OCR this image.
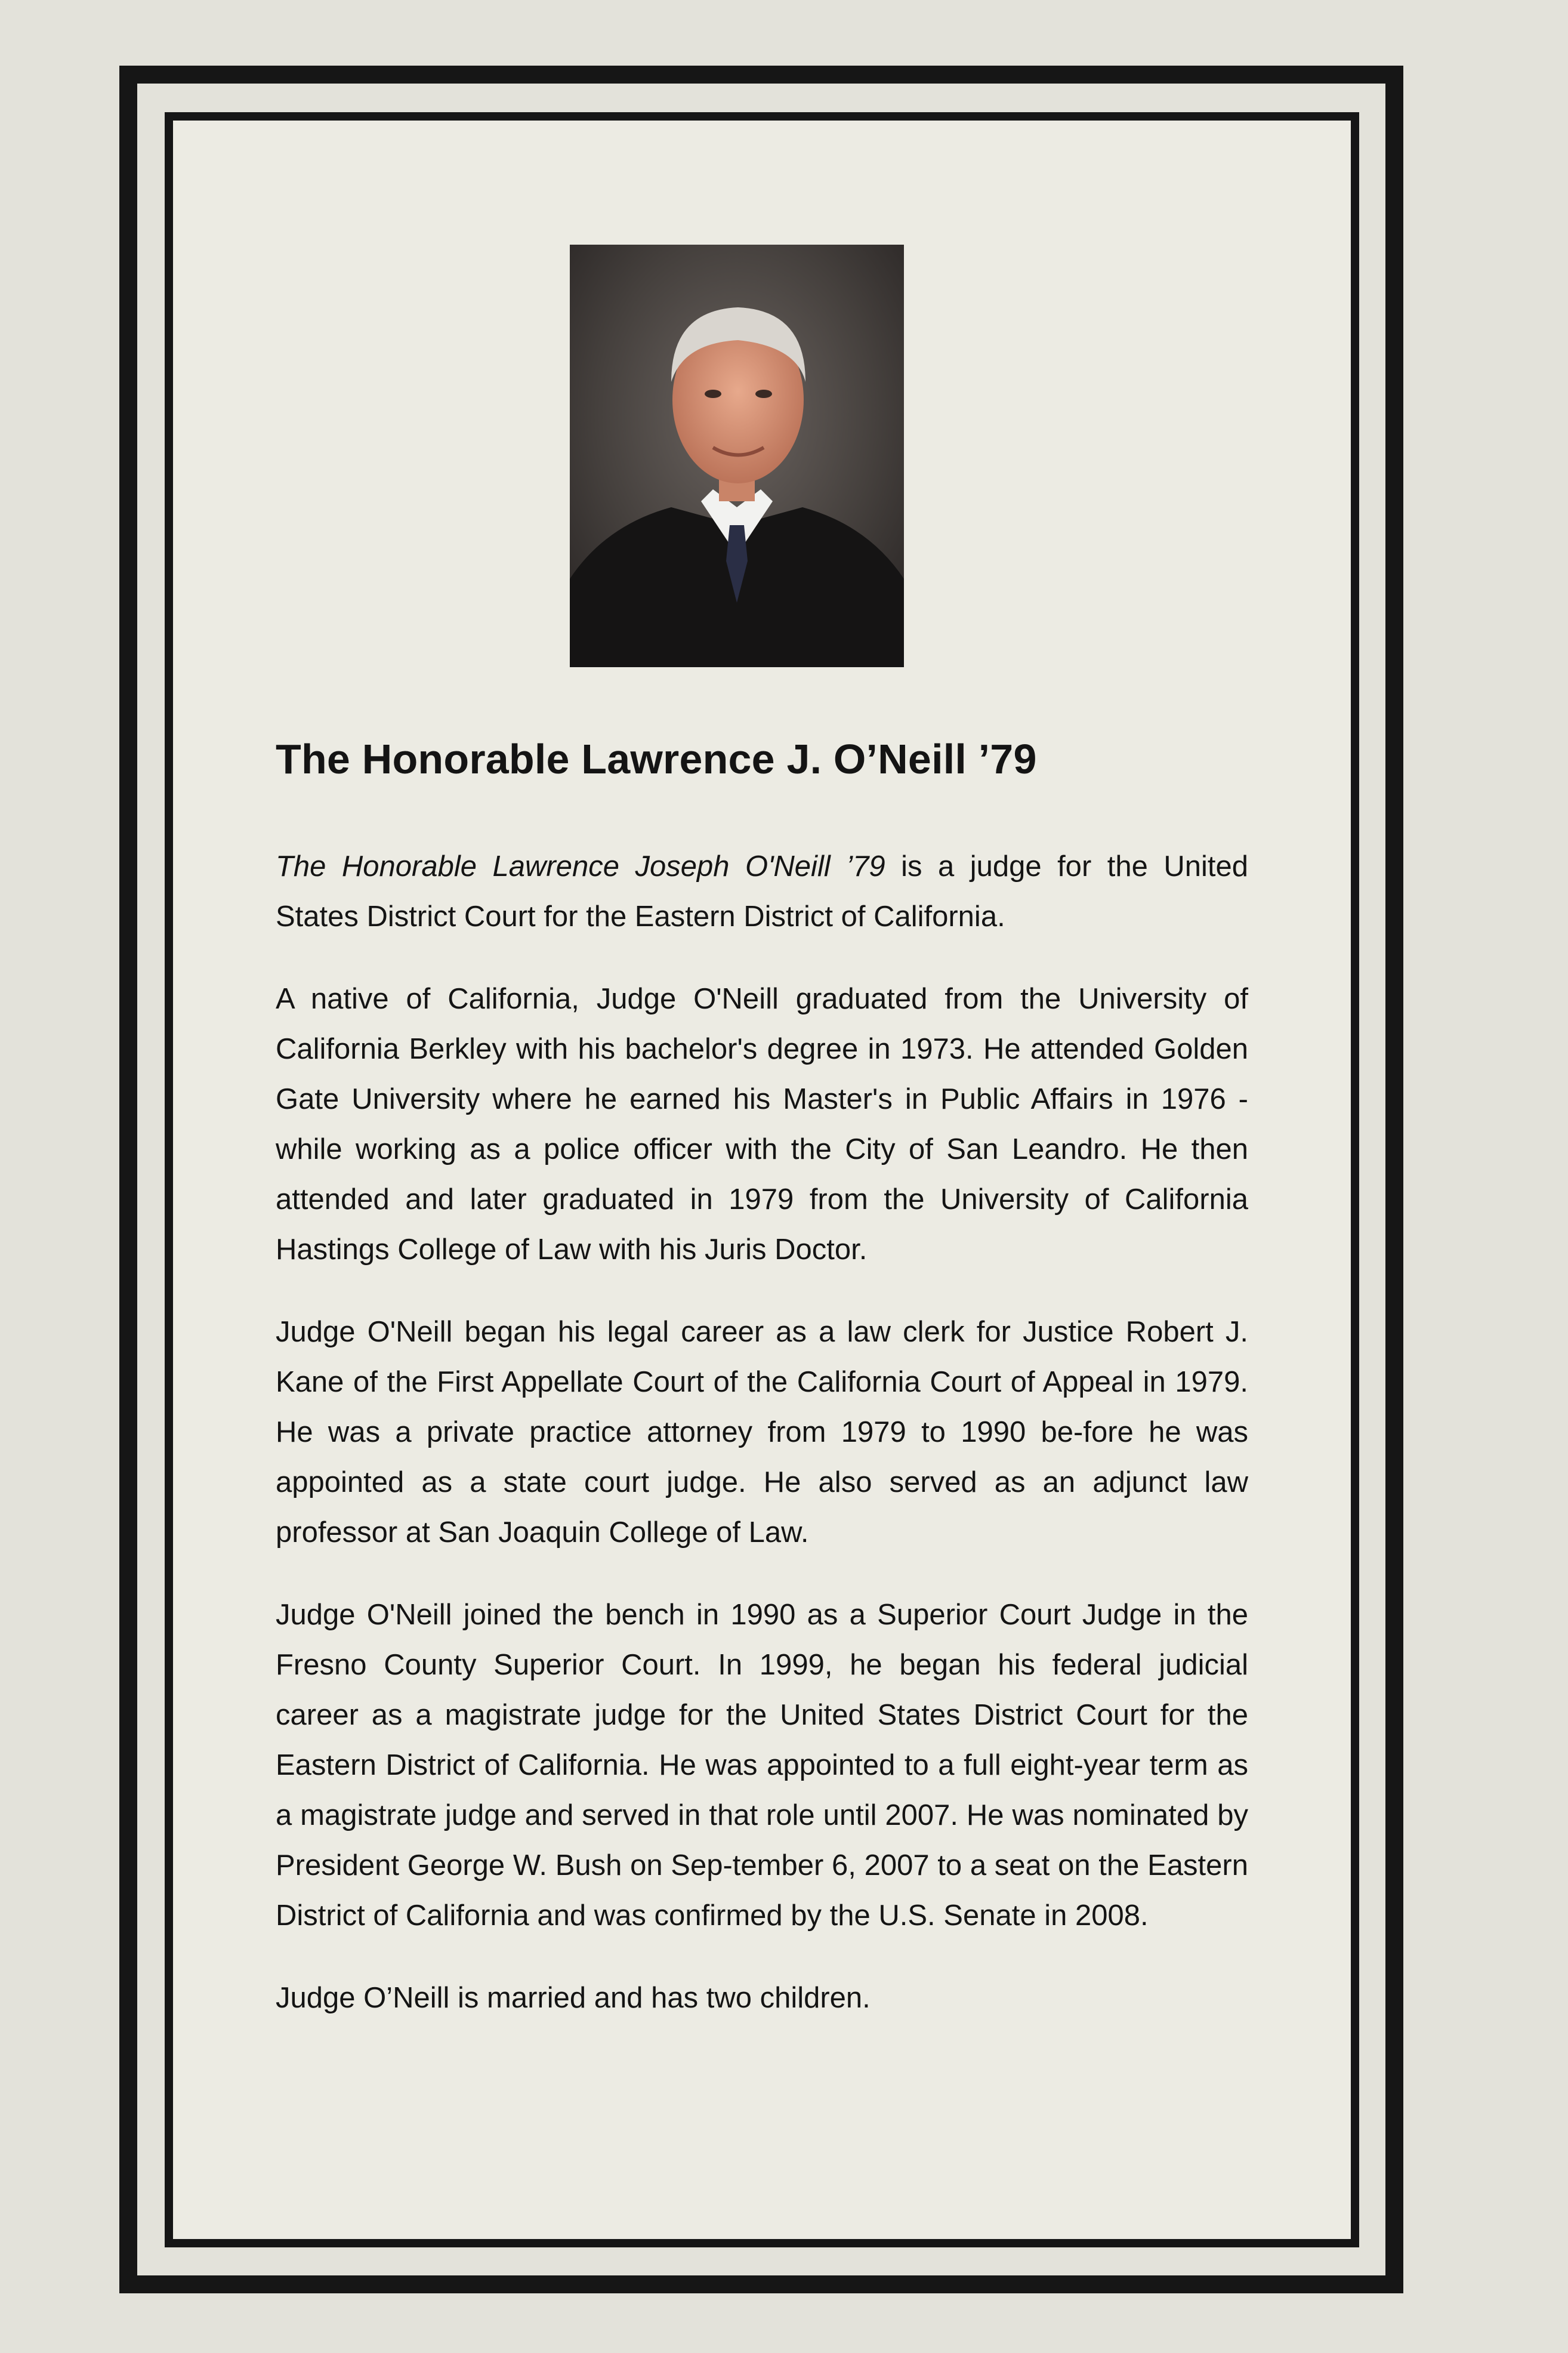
The Honorable Lawrence J. O’Neill ’79

The Honorable Lawrence Joseph O'Neill ’79 is a judge for the United States District Court for the Eastern District of California.

A native of California, Judge O'Neill graduated from the University of California Berkley with his bachelor's degree in 1973. He attended Golden Gate University where he earned his Master's in Public Affairs in 1976 - while working as a police officer with the City of San Leandro. He then attended and later graduated in 1979 from the University of California Hastings College of Law with his Juris Doctor.

Judge O'Neill began his legal career as a law clerk for Justice Robert J. Kane of the First Appellate Court of the California Court of Appeal in 1979. He was a private practice attorney from 1979 to 1990 be-fore he was appointed as a state court judge. He also served as an adjunct law professor at San Joaquin College of Law.

Judge O'Neill joined the bench in 1990 as a Superior Court Judge in the Fresno County Superior Court. In 1999, he began his federal judicial career as a magistrate judge for the United States District Court for the Eastern District of California. He was appointed to a full eight-year term as a magistrate judge and served in that role until 2007. He was nominated by President George W. Bush on Sep-tember 6, 2007 to a seat on the Eastern District of California and was confirmed by the U.S. Senate in 2008.

Judge O’Neill is married and has two children.
